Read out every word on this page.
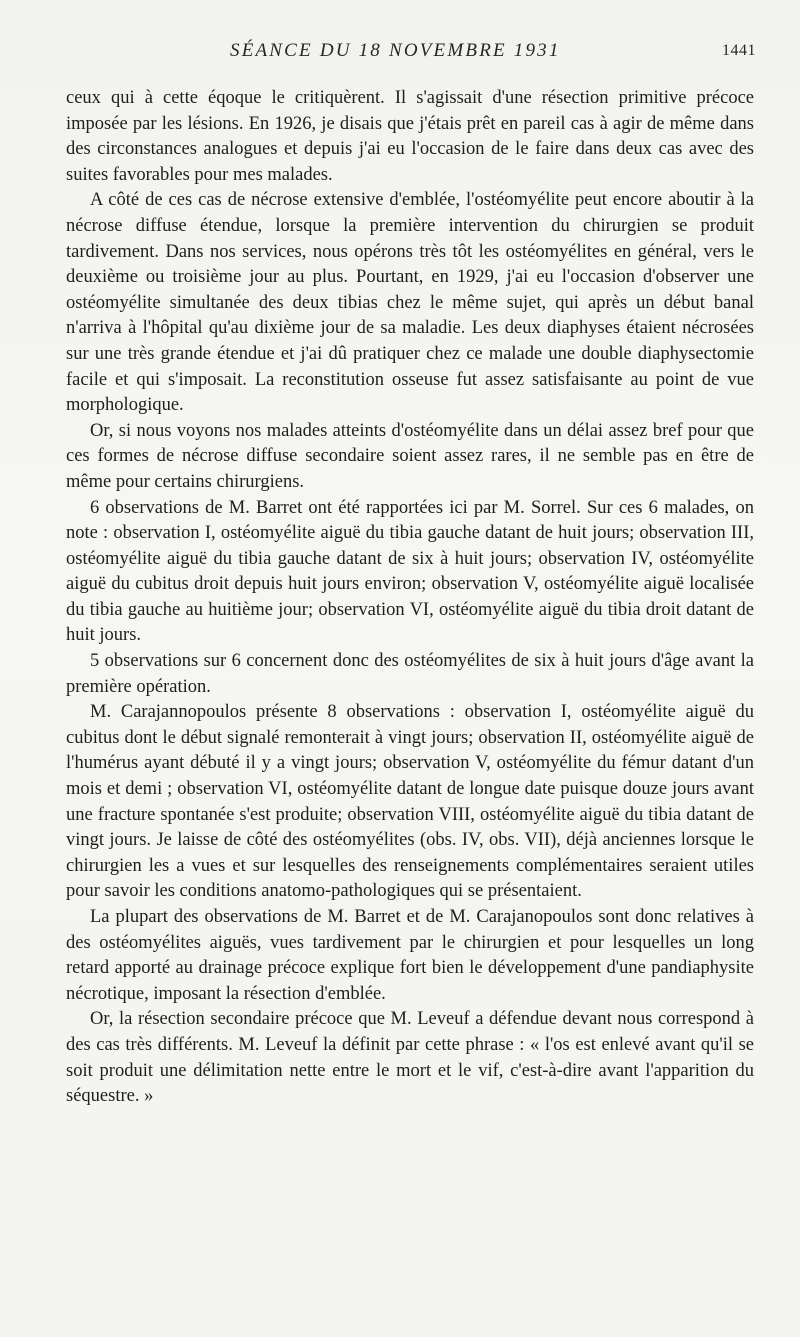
SÉANCE DU 18 NOVEMBRE 1931	1441

ceux qui à cette éqoque le critiquèrent. Il s'agissait d'une résection primitive précoce imposée par les lésions. En 1926, je disais que j'étais prêt en pareil cas à agir de même dans des circonstances analogues et depuis j'ai eu l'occasion de le faire dans deux cas avec des suites favorables pour mes malades.

A côté de ces cas de nécrose extensive d'emblée, l'ostéomyélite peut encore aboutir à la nécrose diffuse étendue, lorsque la première intervention du chirurgien se produit tardivement. Dans nos services, nous opérons très tôt les ostéomyélites en général, vers le deuxième ou troisième jour au plus. Pourtant, en 1929, j'ai eu l'occasion d'observer une ostéomyélite simultanée des deux tibias chez le même sujet, qui après un début banal n'arriva à l'hôpital qu'au dixième jour de sa maladie. Les deux diaphyses étaient nécrosées sur une très grande étendue et j'ai dû pratiquer chez ce malade une double diaphysectomie facile et qui s'imposait. La reconstitution osseuse fut assez satisfaisante au point de vue morphologique.

Or, si nous voyons nos malades atteints d'ostéomyélite dans un délai assez bref pour que ces formes de nécrose diffuse secondaire soient assez rares, il ne semble pas en être de même pour certains chirurgiens.

6 observations de M. Barret ont été rapportées ici par M. Sorrel. Sur ces 6 malades, on note : observation I, ostéomyélite aiguë du tibia gauche datant de huit jours; observation III, ostéomyélite aiguë du tibia gauche datant de six à huit jours; observation IV, ostéomyélite aiguë du cubitus droit depuis huit jours environ; observation V, ostéomyélite aiguë localisée du tibia gauche au huitième jour; observation VI, ostéomyélite aiguë du tibia droit datant de huit jours.

5 observations sur 6 concernent donc des ostéomyélites de six à huit jours d'âge avant la première opération.

M. Carajannopoulos présente 8 observations : observation I, ostéomyélite aiguë du cubitus dont le début signalé remonterait à vingt jours; observation II, ostéomyélite aiguë de l'humérus ayant débuté il y a vingt jours; observation V, ostéomyélite du fémur datant d'un mois et demi ; observation VI, ostéomyélite datant de longue date puisque douze jours avant une fracture spontanée s'est produite; observation VIII, ostéomyélite aiguë du tibia datant de vingt jours. Je laisse de côté des ostéomyélites (obs. IV, obs. VII), déjà anciennes lorsque le chirurgien les a vues et sur lesquelles des renseignements complémentaires seraient utiles pour savoir les conditions anatomo-pathologiques qui se présentaient.

La plupart des observations de M. Barret et de M. Carajanopoulos sont donc relatives à des ostéomyélites aiguës, vues tardivement par le chirurgien et pour lesquelles un long retard apporté au drainage précoce explique fort bien le développement d'une pandiaphysite nécrotique, imposant la résection d'emblée.

Or, la résection secondaire précoce que M. Leveuf a défendue devant nous correspond à des cas très différents. M. Leveuf la définit par cette phrase : « l'os est enlevé avant qu'il se soit produit une délimitation nette entre le mort et le vif, c'est-à-dire avant l'apparition du séquestre. »
